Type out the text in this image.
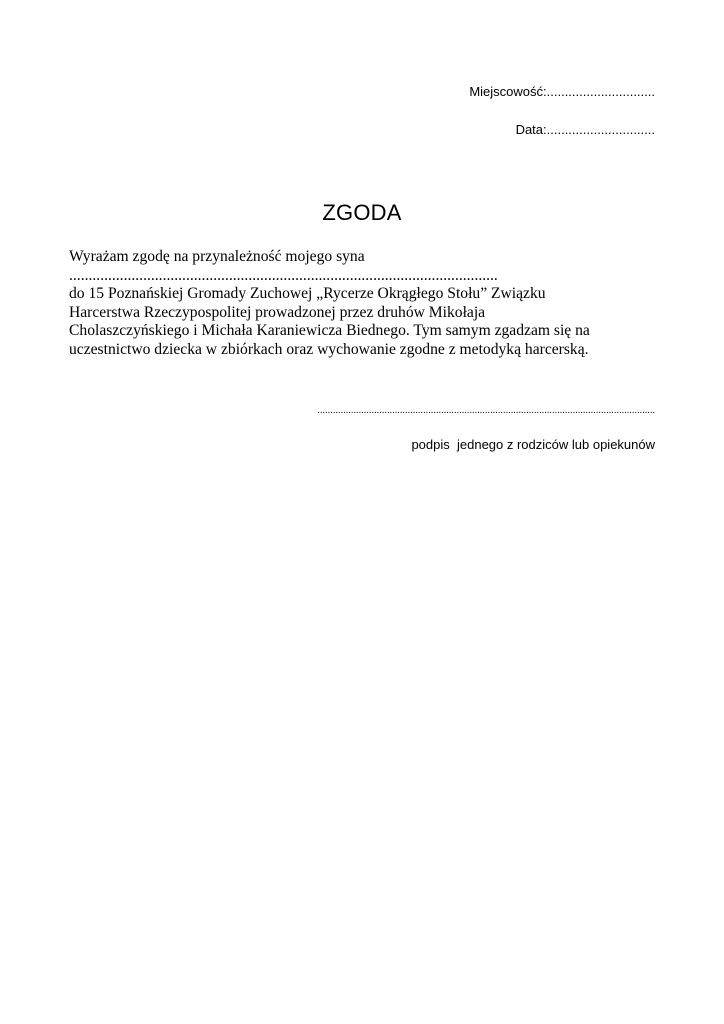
Miejscowość:..............................
Data:..............................
ZGODA
Wyrażam zgodę na przynależność mojego syna
..............................................................................................................
do 15 Poznańskiej Gromady Zuchowej „Rycerze Okrągłego Stołu” Związku
Harcerstwa Rzeczypospolitej prowadzonej przez druhów Mikołaja
Cholaszczyńskiego i Michała Karaniewicza Biednego. Tym samym zgadzam się na
uczestnictwo dziecka w zbiórkach oraz wychowanie zgodne z metodyką harcerską.
...................................................................................................................................
podpis  jednego z rodziców lub opiekunów
